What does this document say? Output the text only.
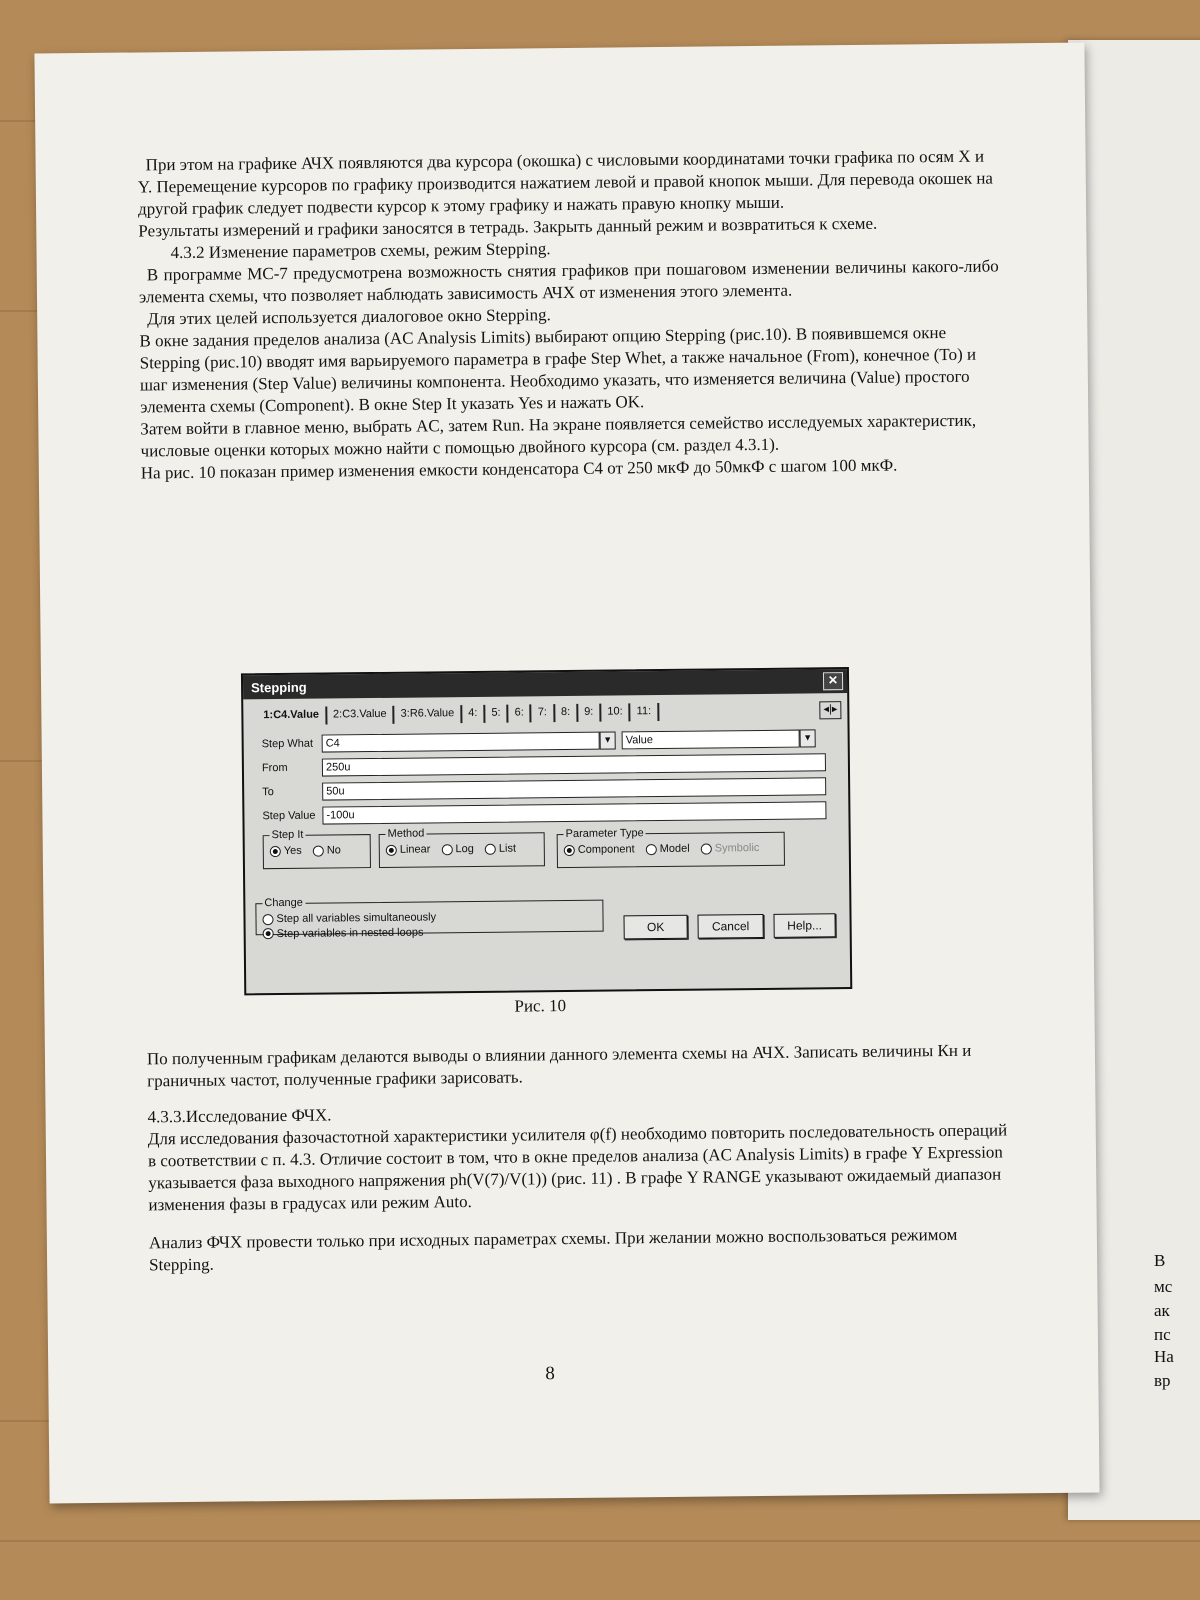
В
мс
ак
пс
На
вр

При этом на графике АЧХ появляются два курсора (окошка) с числовыми координатами точки графика по осям X и Y. Перемещение курсоров по графику производится нажатием левой и правой кнопок мыши. Для перевода окошек на другой график следует подвести курсор к этому графику и нажать правую кнопку мыши.

Результаты измерений и графики заносятся в тетрадь. Закрыть данный режим и возвратиться к схеме.

4.3.2 Изменение параметров схемы, режим Stepping.

В программе МС-7 предусмотрена возможность снятия графиков при пошаговом изменении величины какого-либо элемента схемы, что позволяет наблюдать зависимость АЧХ от изменения этого элемента.

Для этих целей используется диалоговое окно Stepping.

В окне задания пределов анализа (AC Analysis Limits) выбирают опцию Stepping (рис.10). В появившемся окне Stepping (рис.10) вводят имя варьируемого параметра в графе Step Whet, а также начальное (From), конечное (To) и шаг изменения (Step Value) величины компонента. Необходимо указать, что изменяется величина (Value) простого элемента схемы (Component). В окне Step It указать Yes и нажать OK.

Затем войти в главное меню, выбрать AC, затем Run. На экране появляется семейство исследуемых характеристик, числовые оценки которых можно найти с помощью двойного курсора (см. раздел 4.3.1).

На рис. 10 показан пример изменения емкости конденсатора С4 от 250 мкФ до 50мкФ с шагом 100 мкФ.

Stepping	✕
1:C4.Value	2:C3.Value	3:R6.Value	4:	5:	6:	7:	8:	9:	10:	11:	◂|▸
Step What	C4	▼	Value	▼
From	250u
To	50u
Step Value -100u
Step It
Yes
No
Method
Linear
Log
List
Parameter Type
Component
Model
Symbolic
Change
Step all variables simultaneously

Step variables in nested loops	OK	Cancel	Help...
Рис. 10

По полученным графикам делаются выводы о влиянии данного элемента схемы на АЧХ. Записать величины Кн и граничных частот, полученные графики зарисовать.

4.3.3.Исследование ФЧХ.

Для исследования фазочастотной характеристики усилителя φ(f) необходимо повторить последовательность операций в соответствии с п. 4.3. Отличие состоит в том, что в окне пределов анализа (AC Analysis Limits) в графе Y Expression указывается фаза выходного напряжения ph(V(7)/V(1)) (рис. 11) . В графе Y RANGE указывают ожидаемый диапазон изменения фазы в градусах или режим Auto.

Анализ ФЧХ провести только при исходных параметрах схемы. При желании можно воспользоваться режимом Stepping.

8
